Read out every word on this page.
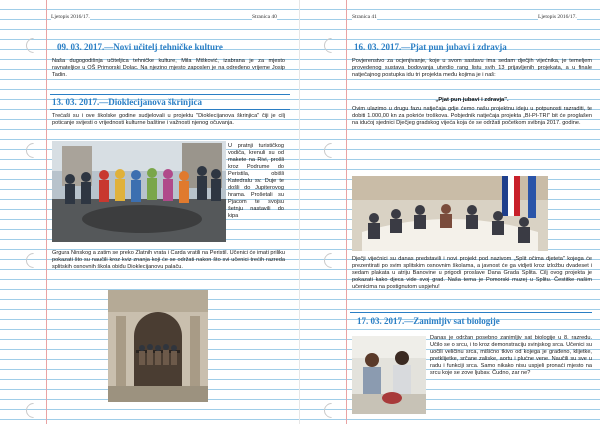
Ljetopis 2016/17.	Stranica 40
09. 03. 2017.—Novi učitelj tehničke kulture
Naša dugogodišnja učiteljica tehničke kulture, Mila Mišković, izabrana je za mjesto ravnateljice u OŠ Primorski Dolac. Na njezino mjesto zaposlen je na određeno vrijeme Josip Tadin.
13. 03. 2017.—Dioklecijanova škrinjica
Trećaši su i ove školske godine sudjelovali u projektu "Dioklecijanova škrinjica" čiji je cilj poticanje svijesti o vrijednosti kulturne baštine i važnosti njenog očuvanja.
U pratnji turističkog vodiča, krenuli su od makete na Rivi, prošli kroz Podrume do Peristila, obišli Katedralu sv. Duje te došli do Jupiterovog hrama. Prošetali su Pjacom te svojsu šetnju nastavili do kipa
Grgura Ninskog a zatim se preko Zlatnih vrata i Carda vratili na Peristil. Učenici će imati priliku pokazati što su naučili kroz kviz znanja koji će se održati nakon što svi učenici trećih razreda splitskih osnovnih škola obiđu Dioklecijanovu palaču.
Stranica 41	Ljetopis 2016/17.
16. 03. 2017.—Pjat pun jubavi i zdravja
Povjerenstvo za ocjenjivanje, koje u svom sastavu ima sedam dječjih vijećnika, je temeljem provedenog sustava bodovanja utvrdio rang listu svih 13 prijavljenih projekata, a u finale natječajnog postupka idu tri projekta među kojima je i naš:
„Pjat pun jubavi i zdravja".
Ovim ulazimo u drugu fazu natječaja gdje ćemo našu projektnu ideju u potpunosti razraditi, te dobiti 1.000,00 kn za pokriće troškova. Pobjednik natječaja projekta „BI-PI-TRI" bit će proglašen na idućoj sjednici Dječjeg gradskog vijeća koja će se održati početkom svibnja 2017. godine.
Dječji vijećnici su danas predstavili i novi projekt pod nazivom „Split očima djeteta" kojega će prezentirati po svim splitskim osnovnim školama, a javnost će ga vidjeti kroz izložbu dvadeset i sedam plakata u atriju Banovine u prigodi proslave Dana Grada Splita. Cilj ovog projekta je pokazati kako djeca vide svoj grad. Naša tema je Pomorski muzej u Splitu. Čestitke našim učenicima na postignutom uspjehu!
17. 03. 2017.—Zanimljiv sat biologije
Danas je održan posebno zanimljiv sat biologije u 8. razredu. Učilo se o srcu, i to kroz demonstraciju svinjskog srca. Učenici su uočili veličinu srca, mišićno tkivo od kojega je građeno, klijetke, pretklijetke, srčane zaliske, aortu i plućne vene. Naučili su sve u radu i funkciji srca. Samo nikako nisu uspjeli pronaći mjesto na srcu koje se zove ljubav. Čudno, zar ne?
